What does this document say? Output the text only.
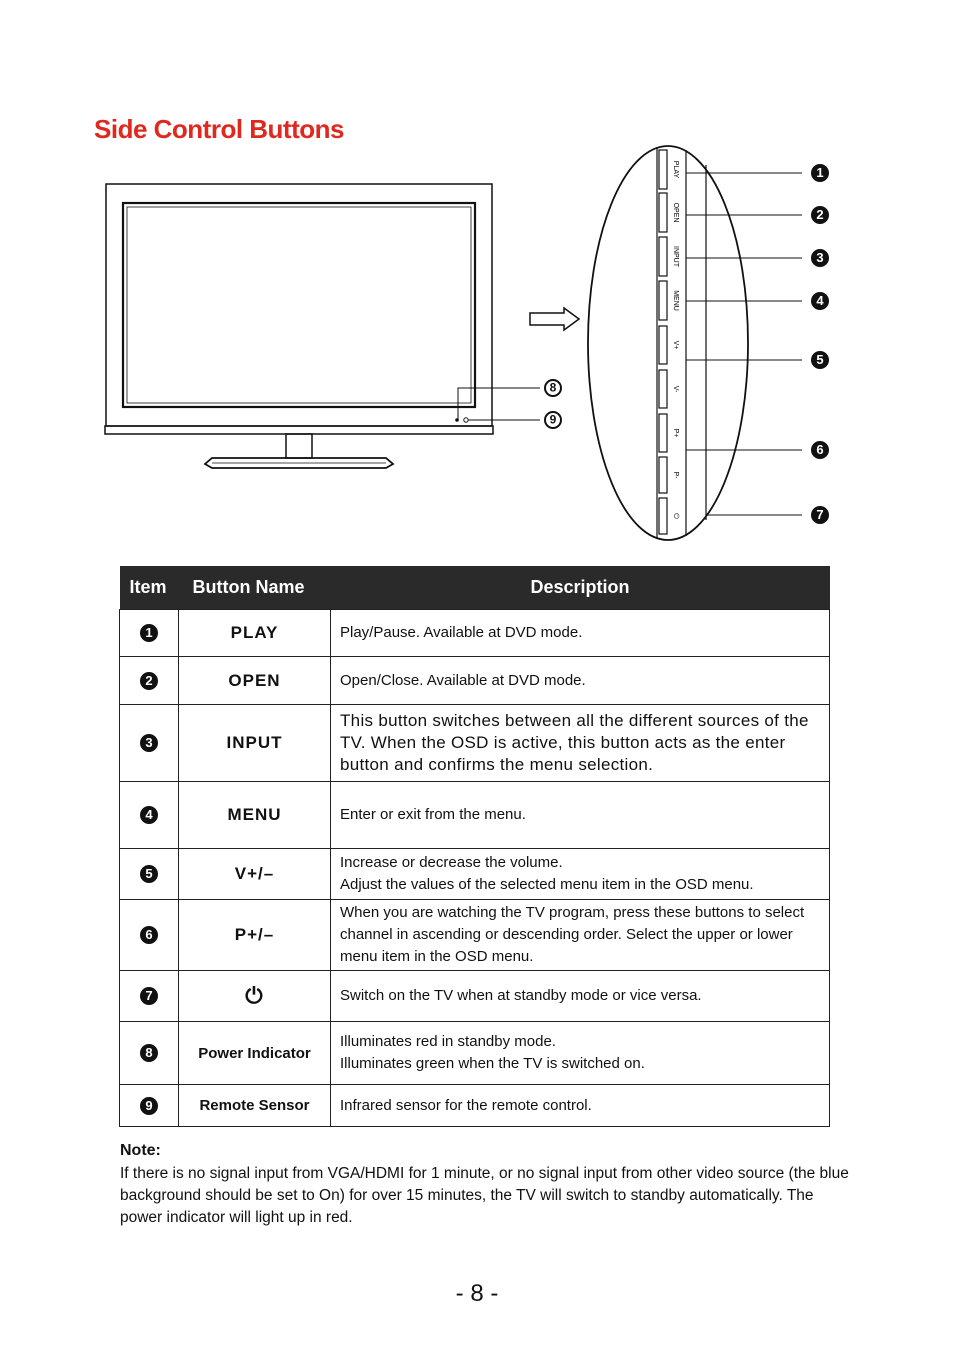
Side Control Buttons
PLAY
OPEN
INPUT
MENU
V+
V-
P+
P-
⏻
1
2
3
4
5
6
7
8
9
Item	Button Name	Description
1	PLAY	Play/Pause. Available at DVD mode.
2	OPEN	Open/Close. Available at DVD mode.
3	INPUT	This button switches between all the different sources of the TV. When the OSD is active, this button acts as the enter button and confirms the menu selection.
4	MENU	Enter or exit from the menu.
5	V+/–	Increase or decrease the volume.
Adjust the values of the selected menu item in the OSD menu.

6	P+/–	When you are watching the TV program, press these buttons to select channel in ascending or descending order. Select the upper or lower menu item in the OSD menu.
7	⏻	Switch on the TV when at standby mode or vice versa.
8	Power Indicator	Illuminates red in standby mode.
Illuminates green when the TV is switched on.

9	Remote Sensor	Infrared sensor for the remote control.
Note:
If there is no signal input from VGA/HDMI for 1 minute, or no signal input from other video source (the blue background should be set to On) for over 15 minutes, the TV will switch to standby automatically. The power indicator will light up in red.
- 8 -
